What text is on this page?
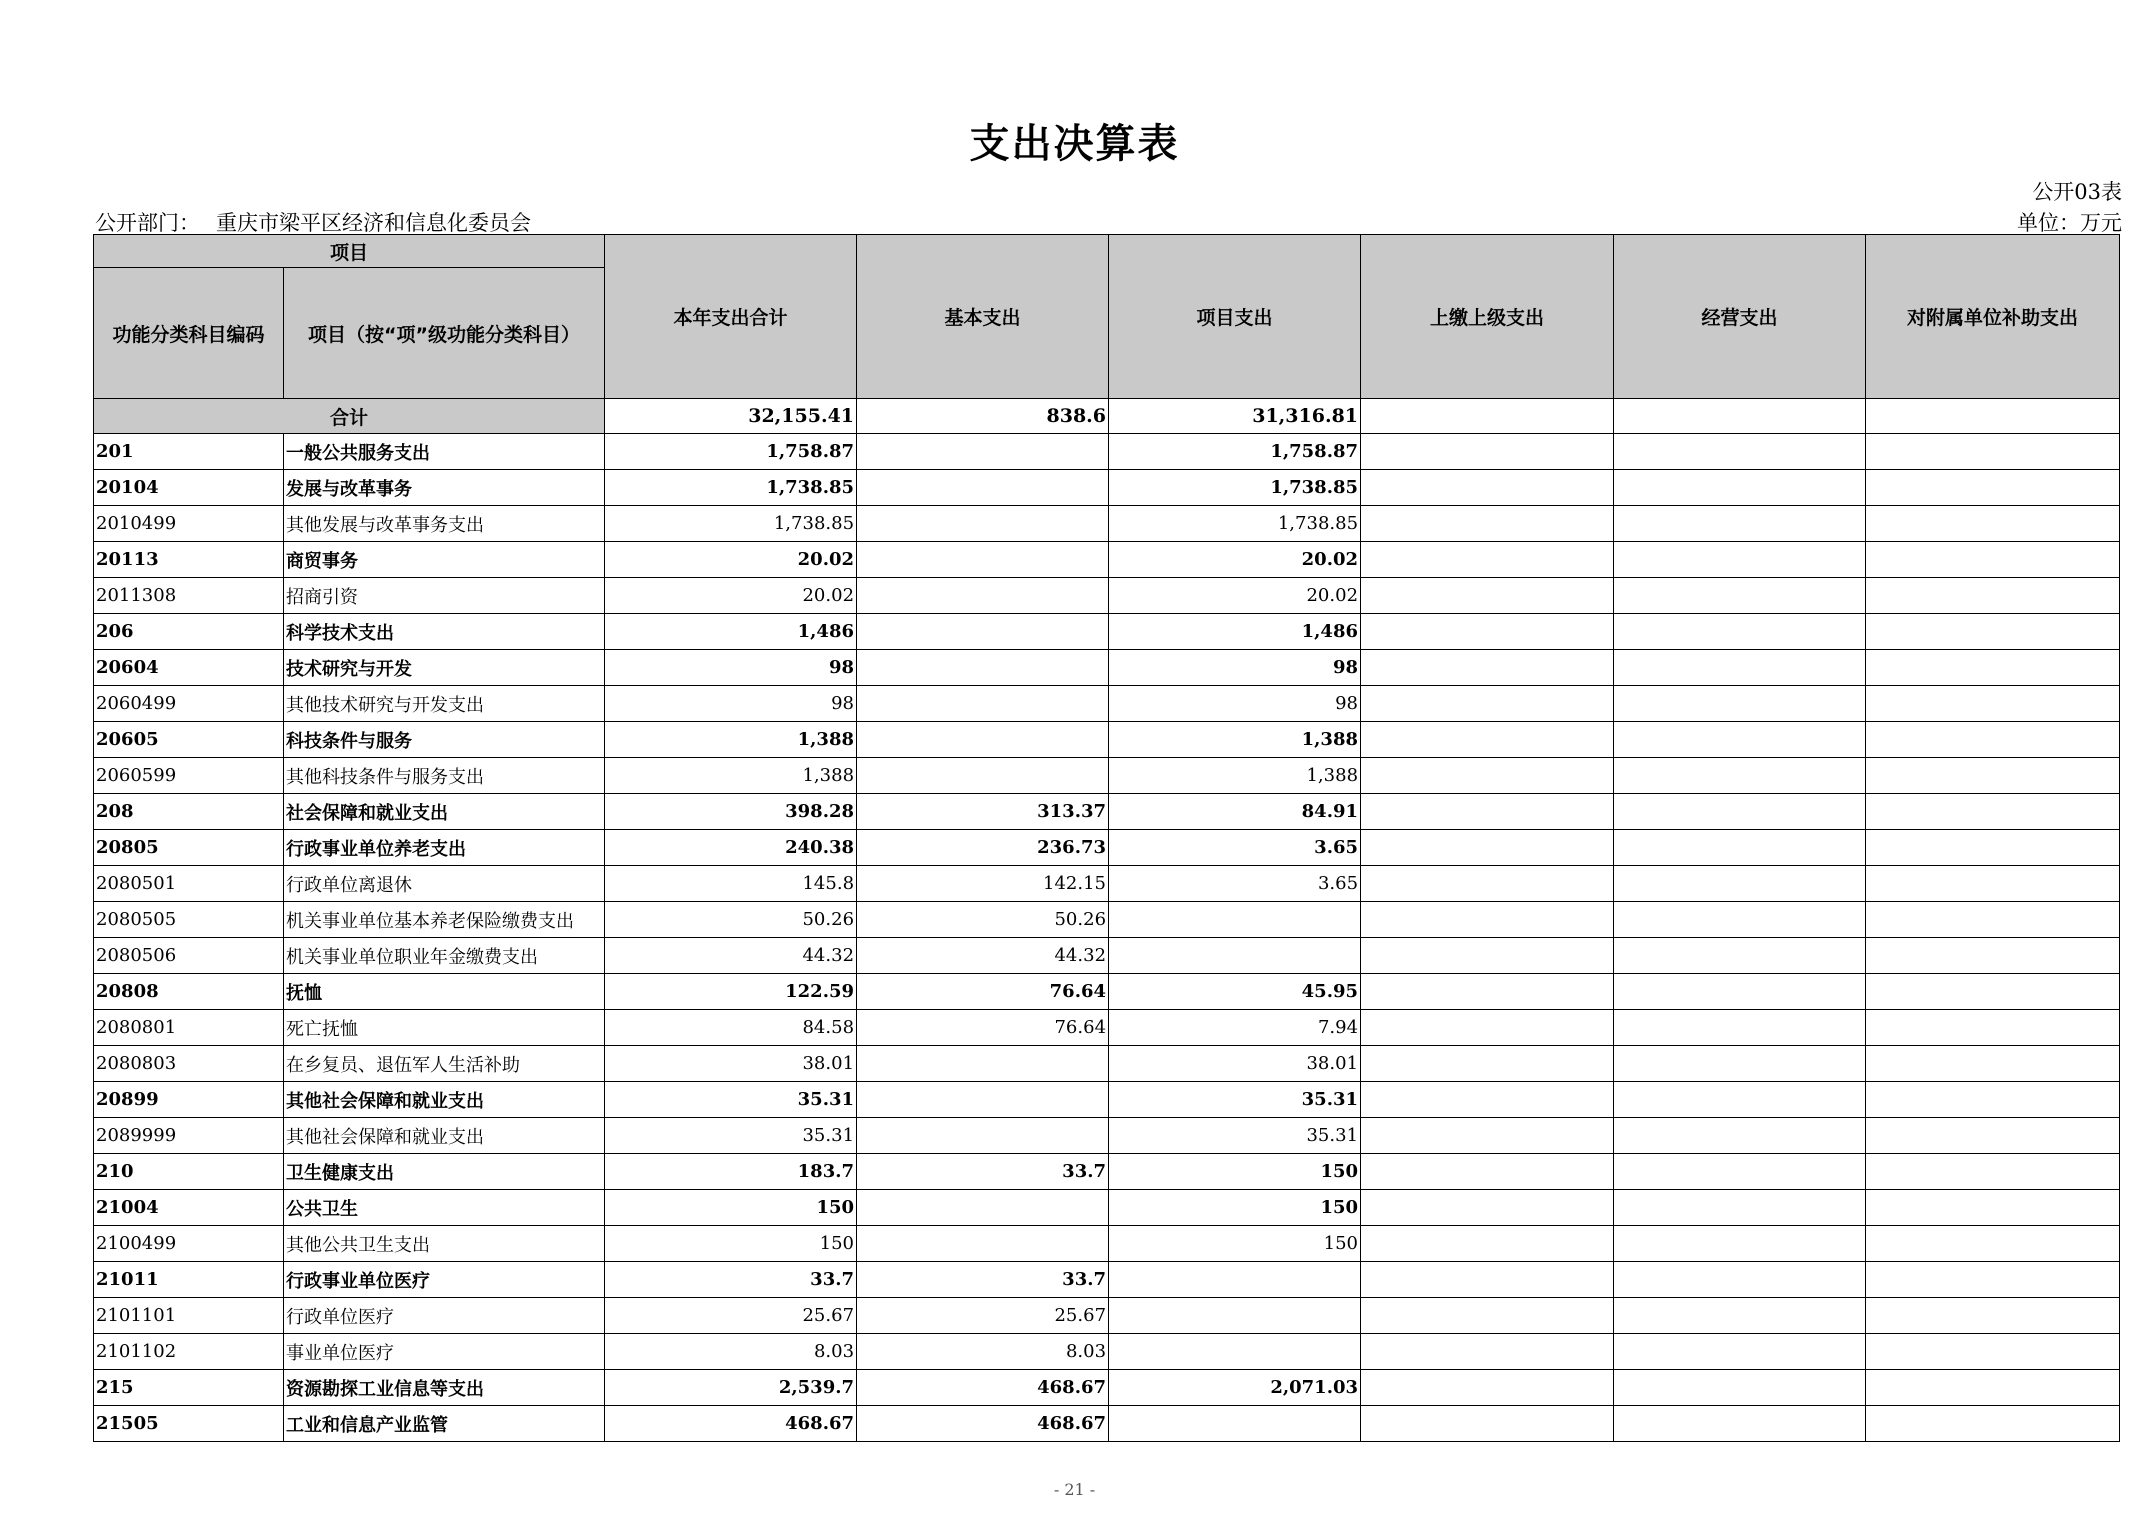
支出决算表
公开03表
公开部门： 重庆市梁平区经济和信息化委员会	单位：万元
项目		本年支出合计	基本支出	项目支出	上缴上级支出	经营支出	对附属单位补助支出
功能分类科目编码	项目（按“项”级功能分类科目）						
合计		32,155.41	838.6	31,316.81			
201	一般公共服务支出	1,758.87		1,758.87			
20104	发展与改革事务	1,738.85		1,738.85			
2010499	其他发展与改革事务支出	1,738.85		1,738.85			
20113	商贸事务	20.02		20.02			
2011308	招商引资	20.02		20.02			
206	科学技术支出	1,486		1,486			
20604	技术研究与开发	98		98			
2060499	其他技术研究与开发支出	98		98			
20605	科技条件与服务	1,388		1,388			
2060599	其他科技条件与服务支出	1,388		1,388			
208	社会保障和就业支出	398.28	313.37	84.91			
20805	行政事业单位养老支出	240.38	236.73	3.65			
2080501	行政单位离退休	145.8	142.15	3.65			
2080505	机关事业单位基本养老保险缴费支出	50.26	50.26				
2080506	机关事业单位职业年金缴费支出	44.32	44.32				
20808	抚恤	122.59	76.64	45.95			
2080801	死亡抚恤	84.58	76.64	7.94			
2080803	在乡复员、退伍军人生活补助	38.01		38.01			
20899	其他社会保障和就业支出	35.31		35.31			
2089999	其他社会保障和就业支出	35.31		35.31			
210	卫生健康支出	183.7	33.7	150			
21004	公共卫生	150		150			
2100499	其他公共卫生支出	150		150			
21011	行政事业单位医疗	33.7	33.7				
2101101	行政单位医疗	25.67	25.67				
2101102	事业单位医疗	8.03	8.03				
215	资源勘探工业信息等支出	2,539.7	468.67	2,071.03			
21505	工业和信息产业监管	468.67	468.67				
- 21 -
